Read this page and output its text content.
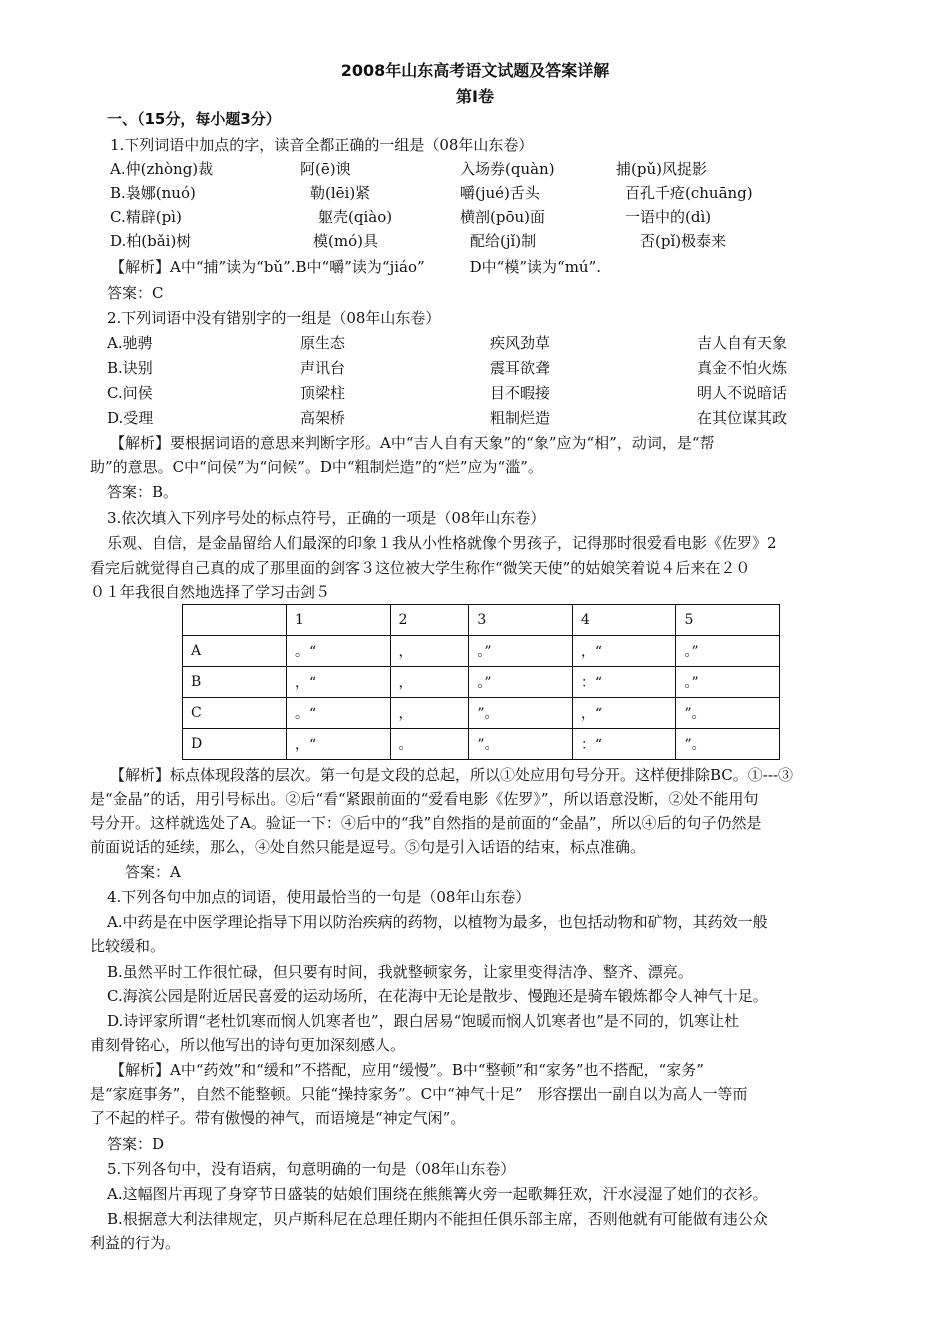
2008年山东高考语文试题及答案详解
第Ⅰ卷
一、（15分，每小题3分）
1.下列词语中加点的字，读音全都正确的一组是（08年山东卷）
A.仲(zhòng)裁	阿(ē)谀	入场券(quàn)	捕(pǔ)风捉影
B.袅娜(nuó)	勒(lēi)紧	嚼(jué)舌头	百孔千疮(chuāng)
C.精辟(pì)	躯壳(qiào)	横剖(pōu)面	一语中的(dì)
D.柏(bǎi)树	模(mó)具	配给(jǐ)制	否(pǐ)极泰来
【解析】A中“捕”读为“bǔ”.B中“嚼”读为“jiáo”　　　D中“模”读为“mú”.
答案：C
2.下列词语中没有错别字的一组是（08年山东卷）
A.驰骋	原生态	疾风劲草	吉人自有天象
B.诀别	声讯台	震耳欲聋	真金不怕火炼
C.问侯	顶梁柱	目不暇接	明人不说暗话
D.受理	高架桥	粗制烂造	在其位谋其政
【解析】要根据词语的意思来判断字形。A中“吉人自有天象”的“象”应为“相”，动词，是“帮
助”的意思。C中“问侯”为“问候”。D中“粗制烂造”的“烂”应为“滥”。
答案：B。
3.依次填入下列序号处的标点符号，正确的一项是（08年山东卷）
乐观、自信，是金晶留给人们最深的印象１我从小性格就像个男孩子，记得那时很爱看电影《佐罗》2
看完后就觉得自己真的成了那里面的剑客３这位被大学生称作“微笑天使”的姑娘笑着说４后来在２０
０１年我很自然地选择了学习击剑５
	1	2	3	4	5
A	。“	，	。”	，“	。”
B	，“	，	。”	：“	。”
C	。“	，	”。	，“	”。
D	，“	。	”。	：“	”。
【解析】标点体现段落的层次。第一句是文段的总起，所以①处应用句号分开。这样便排除BC。①---③
是“金晶”的话，用引号标出。②后“看“紧跟前面的“爱看电影《佐罗》”，所以语意没断，②处不能用句
号分开。这样就选处了A。验证一下：④后中的“我”自然指的是前面的“金晶”，所以④后的句子仍然是
前面说话的延续，那么，④处自然只能是逗号。⑤句是引入话语的结束，标点准确。
答案：A
4.下列各句中加点的词语，使用最恰当的一句是（08年山东卷）
A.中药是在中医学理论指导下用以防治疾病的药物，以植物为最多，也包括动物和矿物，其药效一般
比较缓和。
B.虽然平时工作很忙碌，但只要有时间，我就整顿家务，让家里变得洁净、整齐、漂亮。
C.海滨公园是附近居民喜爱的运动场所，在花海中无论是散步、慢跑还是骑车锻炼都令人神气十足。
D.诗评家所谓“老杜饥寒而悯人饥寒者也”，跟白居易“饱暖而悯人饥寒者也”是不同的，饥寒让杜
甫刻骨铭心，所以他写出的诗句更加深刻感人。
【解析】A中“药效”和“缓和”不搭配，应用“缓慢”。B中“整顿”和“家务”也不搭配，“家务”
是“家庭事务”，自然不能整顿。只能“操持家务”。C中“神气十足”　形容摆出一副自以为高人一等而
了不起的样子。带有傲慢的神气，而语境是“神定气闲”。
答案：D
5.下列各句中，没有语病，句意明确的一句是（08年山东卷）
A.这幅图片再现了身穿节日盛装的姑娘们围绕在熊熊篝火旁一起歌舞狂欢，汗水浸湿了她们的衣衫。
B.根据意大利法律规定，贝卢斯科尼在总理任期内不能担任俱乐部主席，否则他就有可能做有违公众
利益的行为。
